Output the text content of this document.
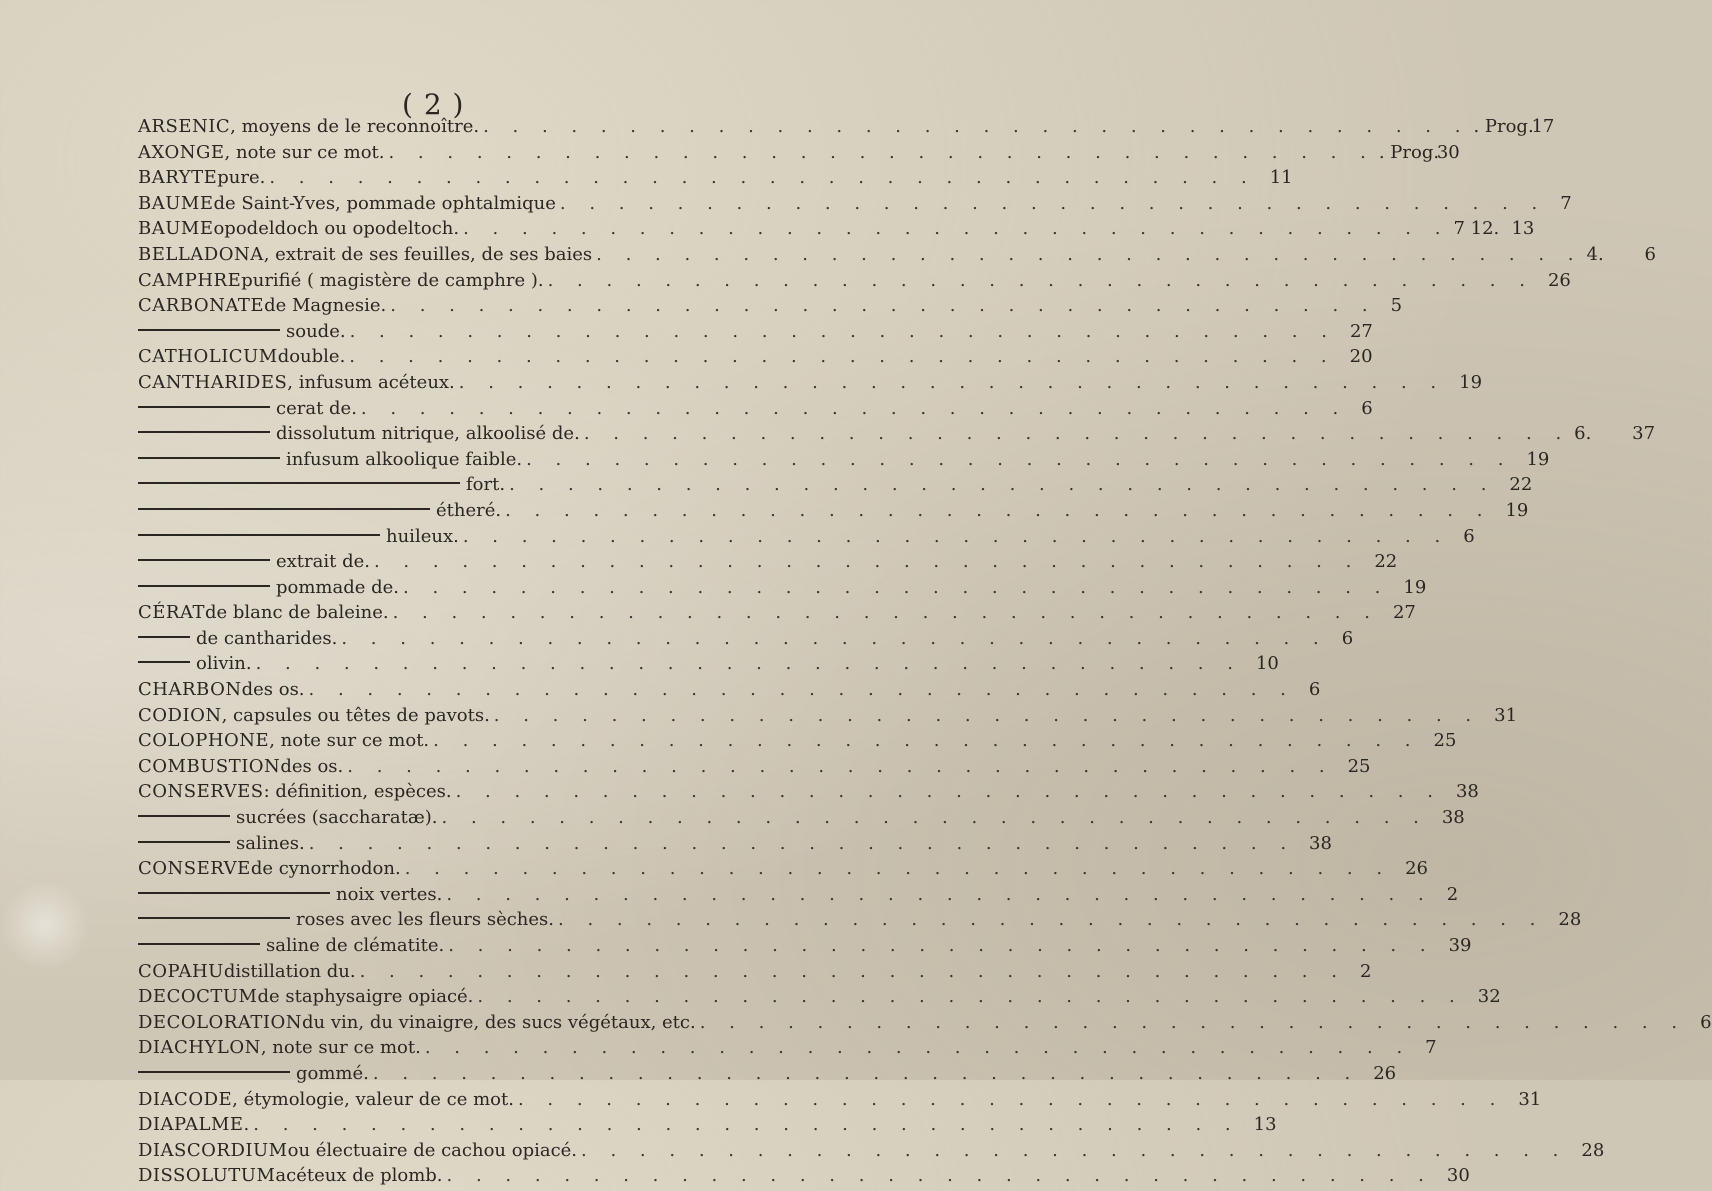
( 2 )
ARSENIC , moyens de le reconnoître. . . . . . . . . . . . . . . . . . . . . . . . . . . . . . . . . . . . Prog.
17
AXONGE , note sur ce mot. . . . . . . . . . . . . . . . . . . . . . . . . . . . . . . . . . . . Prog.
30
BARYTE pure. . . . . . . . . . . . . . . . . . . . . . . . . . . . . . . . . . . 11
BAUME de Saint-Yves, pommade ophtalmique . . . . . . . . . . . . . . . . . . . . . . . . . . . . . . . . . . 7
BAUME opodeldoch ou opodeltoch. . . . . . . . . . . . . . . . . . . . . . . . . . . . . . . . . . . 7 12. 13
BELLADONA , extrait de ses feuilles, de ses baies . . . . . . . . . . . . . . . . . . . . . . . . . . . . . . . . . . 4.	6
CAMPHRE purifié ( magistère de camphre ). . . . . . . . . . . . . . . . . . . . . . . . . . . . . . . . . . . 26
CARBONATE de Magnesie. . . . . . . . . . . . . . . . . . . . . . . . . . . . . . . . . . . 5
soude. . . . . . . . . . . . . . . . . . . . . . . . . . . . . . . . . . . 27
CATHOLICUM double. . . . . . . . . . . . . . . . . . . . . . . . . . . . . . . . . . . 20
CANTHARIDES , infusum acéteux. . . . . . . . . . . . . . . . . . . . . . . . . . . . . . . . . . . 19
cerat de. . . . . . . . . . . . . . . . . . . . . . . . . . . . . . . . . . . 6
dissolutum nitrique, alkoolisé de. . . . . . . . . . . . . . . . . . . . . . . . . . . . . . . . . . . 6.	37
infusum alkoolique faible. . . . . . . . . . . . . . . . . . . . . . . . . . . . . . . . . . . 19
fort. . . . . . . . . . . . . . . . . . . . . . . . . . . . . . . . . . . 22
étheré. . . . . . . . . . . . . . . . . . . . . . . . . . . . . . . . . . . 19
huileux. . . . . . . . . . . . . . . . . . . . . . . . . . . . . . . . . . . 6
extrait de. . . . . . . . . . . . . . . . . . . . . . . . . . . . . . . . . . . 22
pommade de. . . . . . . . . . . . . . . . . . . . . . . . . . . . . . . . . . . 19
CÉRAT de blanc de baleine. . . . . . . . . . . . . . . . . . . . . . . . . . . . . . . . . . . 27
de cantharides. . . . . . . . . . . . . . . . . . . . . . . . . . . . . . . . . . . 6
olivin. . . . . . . . . . . . . . . . . . . . . . . . . . . . . . . . . . . 10
CHARBON des os. . . . . . . . . . . . . . . . . . . . . . . . . . . . . . . . . . . 6
CODION , capsules ou têtes de pavots. . . . . . . . . . . . . . . . . . . . . . . . . . . . . . . . . . . 31
COLOPHONE , note sur ce mot. . . . . . . . . . . . . . . . . . . . . . . . . . . . . . . . . . . 25
COMBUSTION des os. . . . . . . . . . . . . . . . . . . . . . . . . . . . . . . . . . . 25
CONSERVES : définition, espèces. . . . . . . . . . . . . . . . . . . . . . . . . . . . . . . . . . . 38
sucrées (saccharatæ). . . . . . . . . . . . . . . . . . . . . . . . . . . . . . . . . . . 38
salines. . . . . . . . . . . . . . . . . . . . . . . . . . . . . . . . . . . 38
CONSERVE de cynorrhodon. . . . . . . . . . . . . . . . . . . . . . . . . . . . . . . . . . . 26
noix vertes. . . . . . . . . . . . . . . . . . . . . . . . . . . . . . . . . . . 2
roses avec les fleurs sèches. . . . . . . . . . . . . . . . . . . . . . . . . . . . . . . . . . . 28
saline de clématite. . . . . . . . . . . . . . . . . . . . . . . . . . . . . . . . . . . 39
COPAHU distillation du. . . . . . . . . . . . . . . . . . . . . . . . . . . . . . . . . . . 2
DECOCTUM de staphysaigre opiacé. . . . . . . . . . . . . . . . . . . . . . . . . . . . . . . . . . . 32
DECOLORATION du vin, du vinaigre, des sucs végétaux, etc. . . . . . . . . . . . . . . . . . . . . . . . . . . . . . . . . . . 6
DIACHYLON , note sur ce mot. . . . . . . . . . . . . . . . . . . . . . . . . . . . . . . . . . . 7
gommé. . . . . . . . . . . . . . . . . . . . . . . . . . . . . . . . . . . 26
DIACODE , étymologie, valeur de ce mot. . . . . . . . . . . . . . . . . . . . . . . . . . . . . . . . . . . 31
DIAPALME . . . . . . . . . . . . . . . . . . . . . . . . . . . . . . . . . . . 13
DIASCORDIUM ou électuaire de cachou opiacé. . . . . . . . . . . . . . . . . . . . . . . . . . . . . . . . . . . 28
DISSOLUTUM acéteux de plomb. . . . . . . . . . . . . . . . . . . . . . . . . . . . . . . . . . . 30
